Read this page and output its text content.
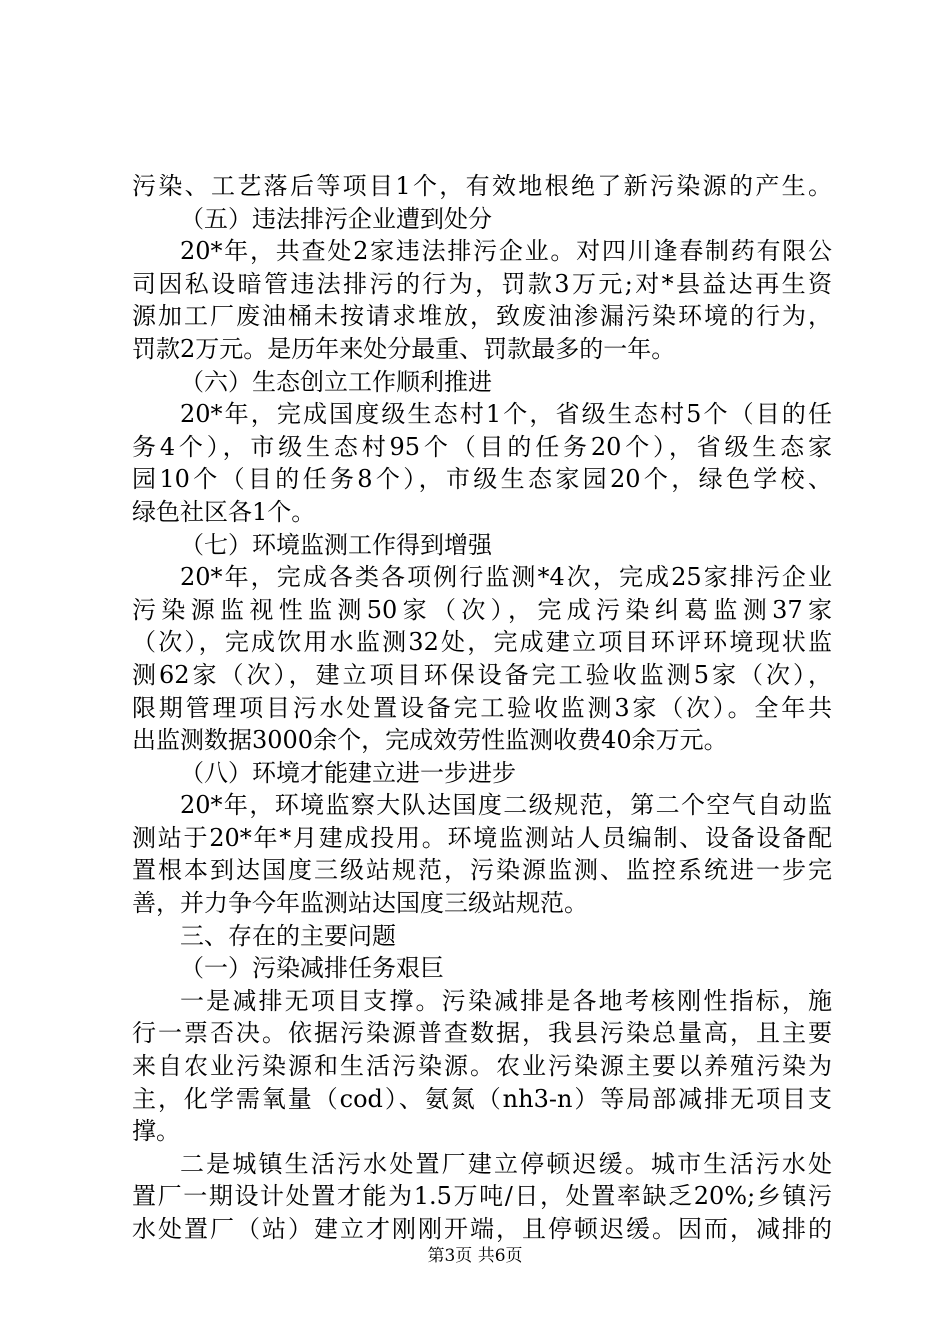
污染、工艺落后等项目1个，有效地根绝了新污染源的产生。
（五）违法排污企业遭到处分
20*年，共查处2家违法排污企业。对四川逢春制药有限公
司因私设暗管违法排污的行为，罚款3万元;对*县益达再生资
源加工厂废油桶未按请求堆放，致废油渗漏污染环境的行为，
罚款2万元。是历年来处分最重、罚款最多的一年。
（六）生态创立工作顺利推进
20*年，完成国度级生态村1个，省级生态村5个（目的任
务4个），市级生态村95个（目的任务20个），省级生态家
园10个（目的任务8个），市级生态家园20个，绿色学校、
绿色社区各1个。
（七）环境监测工作得到增强
20*年，完成各类各项例行监测*4次，完成25家排污企业
污染源监视性监测50家（次），完成污染纠葛监测37家
（次），完成饮用水监测32处，完成建立项目环评环境现状监
测62家（次），建立项目环保设备完工验收监测5家（次），
限期管理项目污水处置设备完工验收监测3家（次）。全年共
出监测数据3000余个，完成效劳性监测收费40余万元。
（八）环境才能建立进一步进步
20*年，环境监察大队达国度二级规范，第二个空气自动监
测站于20*年*月建成投用。环境监测站人员编制、设备设备配
置根本到达国度三级站规范，污染源监测、监控系统进一步完
善，并力争今年监测站达国度三级站规范。
三、存在的主要问题
（一）污染减排任务艰巨
一是减排无项目支撑。污染减排是各地考核刚性指标，施
行一票否决。依据污染源普查数据，我县污染总量高，且主要
来自农业污染源和生活污染源。农业污染源主要以养殖污染为
主，化学需氧量（cod）、氨氮（nh3-n）等局部减排无项目支
撑。
二是城镇生活污水处置厂建立停顿迟缓。城市生活污水处
置厂一期设计处置才能为1.5万吨/日，处置率缺乏20%;乡镇污
水处置厂（站）建立才刚刚开端，且停顿迟缓。因而，减排的
第3页 共6页
